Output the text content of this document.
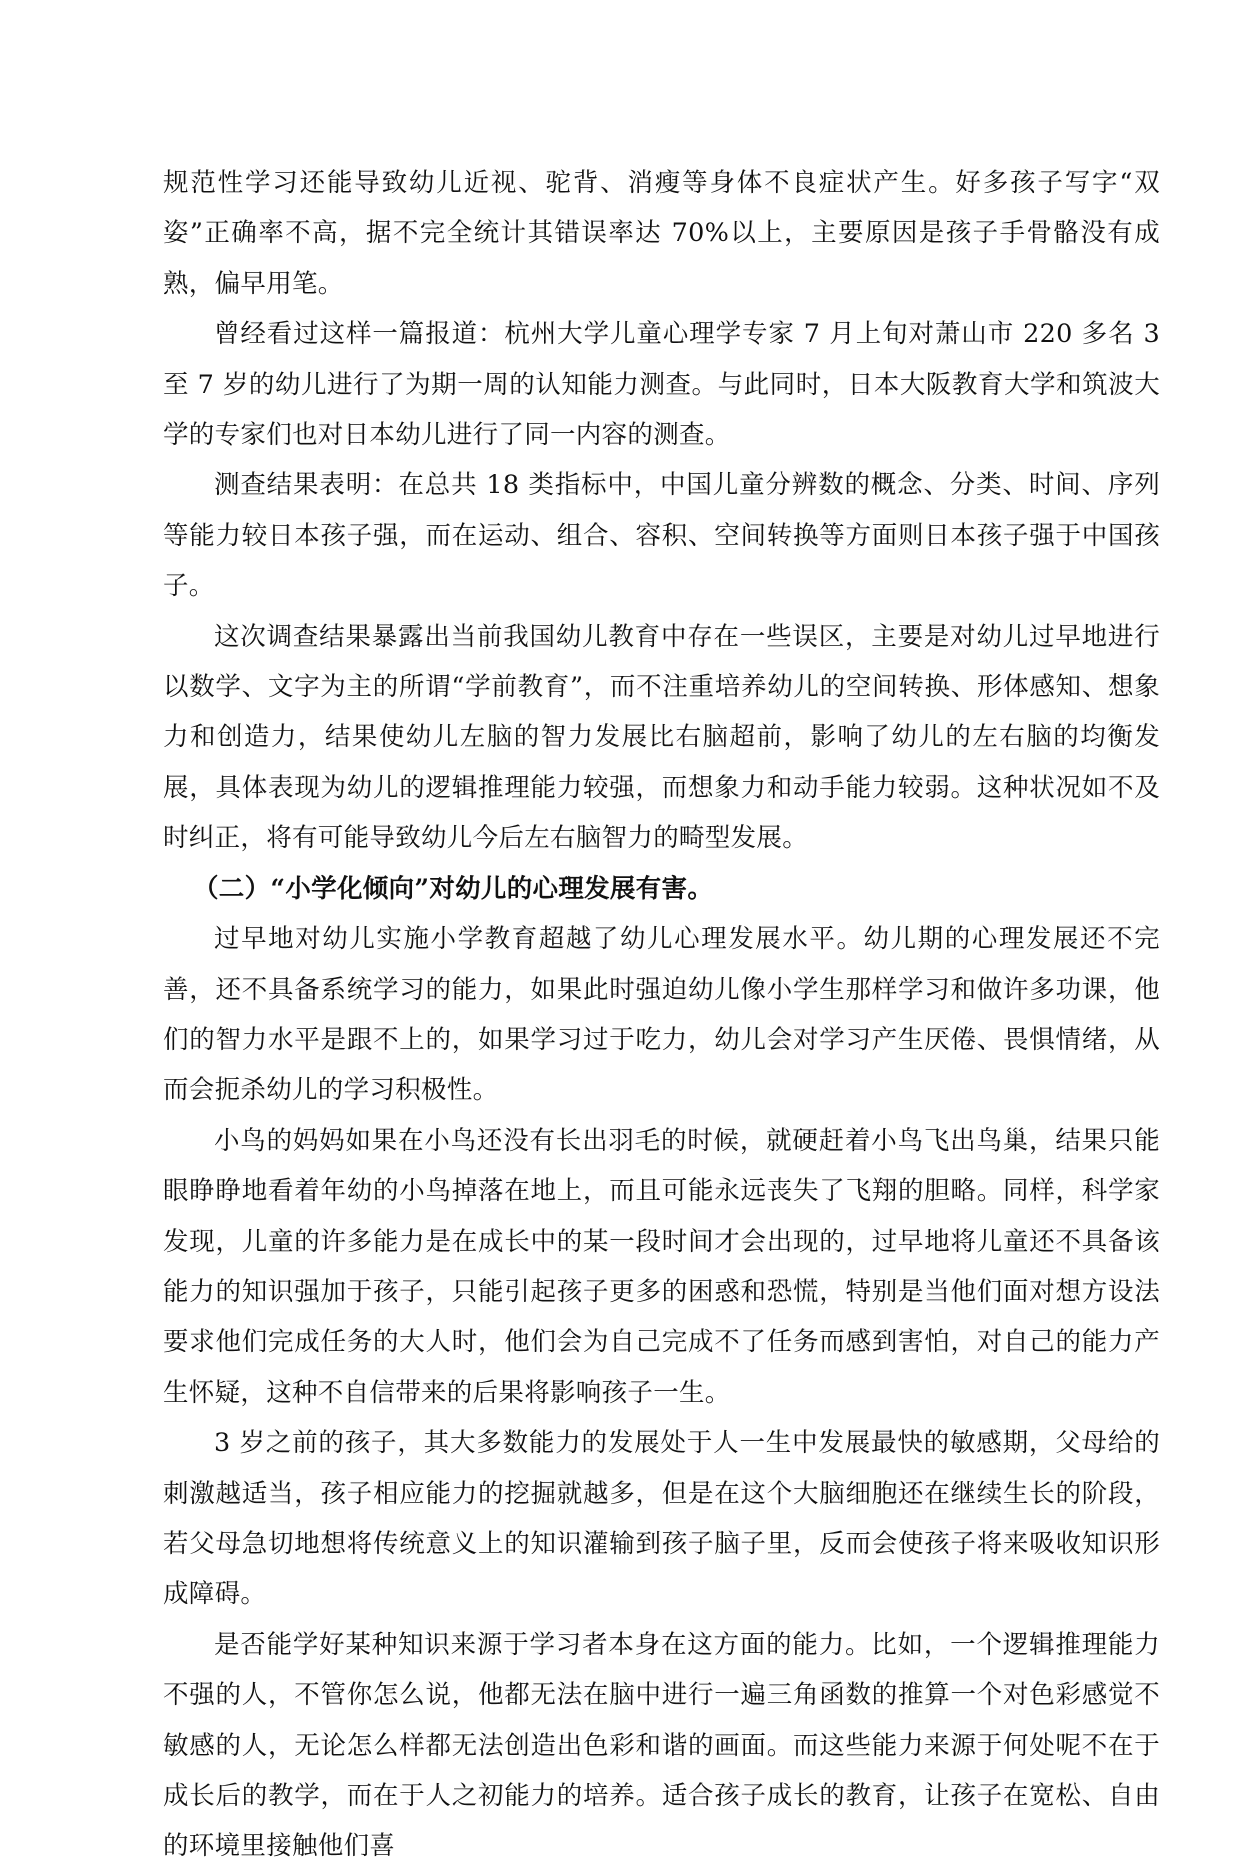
规范性学习还能导致幼儿近视、驼背、消瘦等身体不良症状产生。好多孩子写字“双姿”正确率不高，据不完全统计其错误率达 70%以上，主要原因是孩子手骨骼没有成熟，偏早用笔。

曾经看过这样一篇报道：杭州大学儿童心理学专家 7 月上旬对萧山市 220 多名 3 至 7 岁的幼儿进行了为期一周的认知能力测查。与此同时，日本大阪教育大学和筑波大学的专家们也对日本幼儿进行了同一内容的测查。

测查结果表明：在总共 18 类指标中，中国儿童分辨数的概念、分类、时间、序列等能力较日本孩子强，而在运动、组合、容积、空间转换等方面则日本孩子强于中国孩子。

这次调查结果暴露出当前我国幼儿教育中存在一些误区，主要是对幼儿过早地进行以数学、文字为主的所谓“学前教育”，而不注重培养幼儿的空间转换、形体感知、想象力和创造力，结果使幼儿左脑的智力发展比右脑超前，影响了幼儿的左右脑的均衡发展，具体表现为幼儿的逻辑推理能力较强，而想象力和动手能力较弱。这种状况如不及时纠正，将有可能导致幼儿今后左右脑智力的畸型发展。

（二）“小学化倾向”对幼儿的心理发展有害。

过早地对幼儿实施小学教育超越了幼儿心理发展水平。幼儿期的心理发展还不完善，还不具备系统学习的能力，如果此时强迫幼儿像小学生那样学习和做许多功课，他们的智力水平是跟不上的，如果学习过于吃力，幼儿会对学习产生厌倦、畏惧情绪，从而会扼杀幼儿的学习积极性。

小鸟的妈妈如果在小鸟还没有长出羽毛的时候，就硬赶着小鸟飞出鸟巢，结果只能眼睁睁地看着年幼的小鸟掉落在地上，而且可能永远丧失了飞翔的胆略。同样，科学家发现，儿童的许多能力是在成长中的某一段时间才会出现的，过早地将儿童还不具备该能力的知识强加于孩子，只能引起孩子更多的困惑和恐慌，特别是当他们面对想方设法要求他们完成任务的大人时，他们会为自己完成不了任务而感到害怕，对自己的能力产生怀疑，这种不自信带来的后果将影响孩子一生。

3 岁之前的孩子，其大多数能力的发展处于人一生中发展最快的敏感期，父母给的刺激越适当，孩子相应能力的挖掘就越多，但是在这个大脑细胞还在继续生长的阶段，若父母急切地想将传统意义上的知识灌输到孩子脑子里，反而会使孩子将来吸收知识形成障碍。

是否能学好某种知识来源于学习者本身在这方面的能力。比如，一个逻辑推理能力不强的人，不管你怎么说，他都无法在脑中进行一遍三角函数的推算一个对色彩感觉不敏感的人，无论怎么样都无法创造出色彩和谐的画面。而这些能力来源于何处呢不在于成长后的教学，而在于人之初能力的培养。适合孩子成长的教育，让孩子在宽松、自由的环境里接触他们喜
